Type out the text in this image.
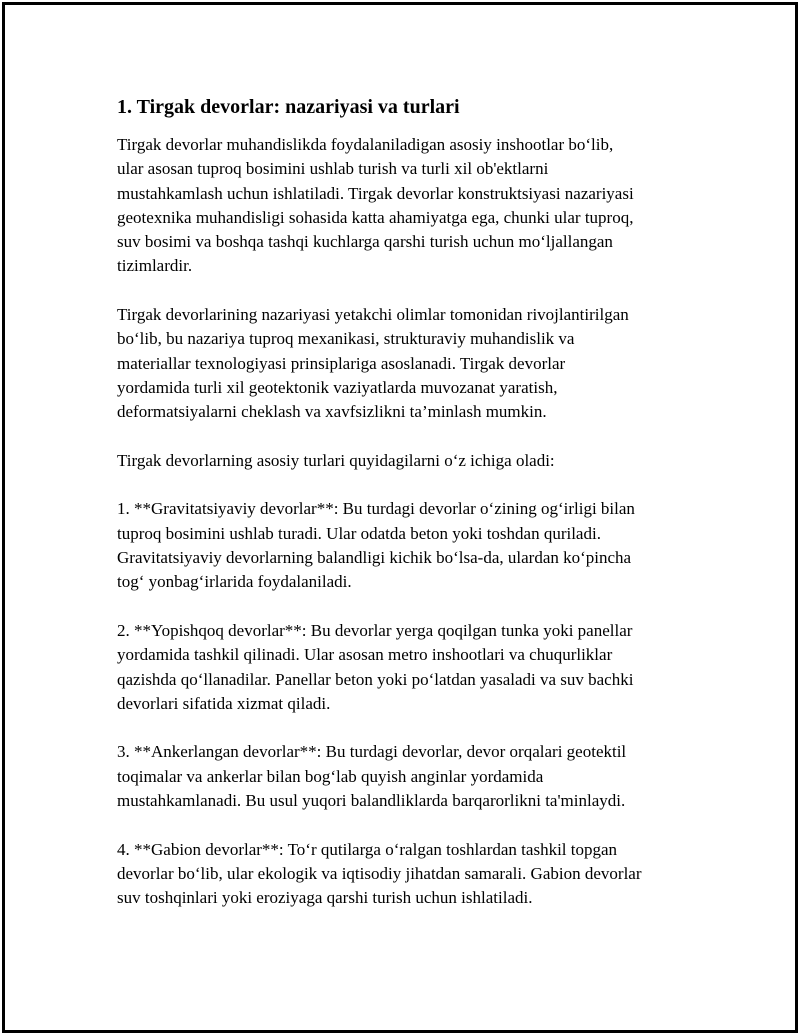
1. Tirgak devorlar: nazariyasi va turlari
Tirgak devorlar muhandislikda foydalaniladigan asosiy inshootlar bo‘lib,
ular asosan tuproq bosimini ushlab turish va turli xil ob'ektlarni
mustahkamlash uchun ishlatiladi. Tirgak devorlar konstruktsiyasi nazariyasi
geotexnika muhandisligi sohasida katta ahamiyatga ega, chunki ular tuproq,
suv bosimi va boshqa tashqi kuchlarga qarshi turish uchun mo‘ljallangan
tizimlardir.
Tirgak devorlarining nazariyasi yetakchi olimlar tomonidan rivojlantirilgan
bo‘lib, bu nazariya tuproq mexanikasi, strukturaviy muhandislik va
materiallar texnologiyasi prinsiplariga asoslanadi. Tirgak devorlar
yordamida turli xil geotektonik vaziyatlarda muvozanat yaratish,
deformatsiyalarni cheklash va xavfsizlikni ta’minlash mumkin.
Tirgak devorlarning asosiy turlari quyidagilarni o‘z ichiga oladi:
1. **Gravitatsiyaviy devorlar**: Bu turdagi devorlar o‘zining og‘irligi bilan
tuproq bosimini ushlab turadi. Ular odatda beton yoki toshdan quriladi.
Gravitatsiyaviy devorlarning balandligi kichik bo‘lsa-da, ulardan ko‘pincha
tog‘ yonbag‘irlarida foydalaniladi.
2. **Yopishqoq devorlar**: Bu devorlar yerga qoqilgan tunka yoki panellar
yordamida tashkil qilinadi. Ular asosan metro inshootlari va chuqurliklar
qazishda qo‘llanadilar. Panellar beton yoki po‘latdan yasaladi va suv bachki
devorlari sifatida xizmat qiladi.
3. **Ankerlangan devorlar**: Bu turdagi devorlar, devor orqalari geotektil
toqimalar va ankerlar bilan bog‘lab quyish anginlar yordamida
mustahkamlanadi. Bu usul yuqori balandliklarda barqarorlikni ta'minlaydi.
4. **Gabion devorlar**: To‘r qutilarga o‘ralgan toshlardan tashkil topgan
devorlar bo‘lib, ular ekologik va iqtisodiy jihatdan samarali. Gabion devorlar
suv toshqinlari yoki eroziyaga qarshi turish uchun ishlatiladi.
